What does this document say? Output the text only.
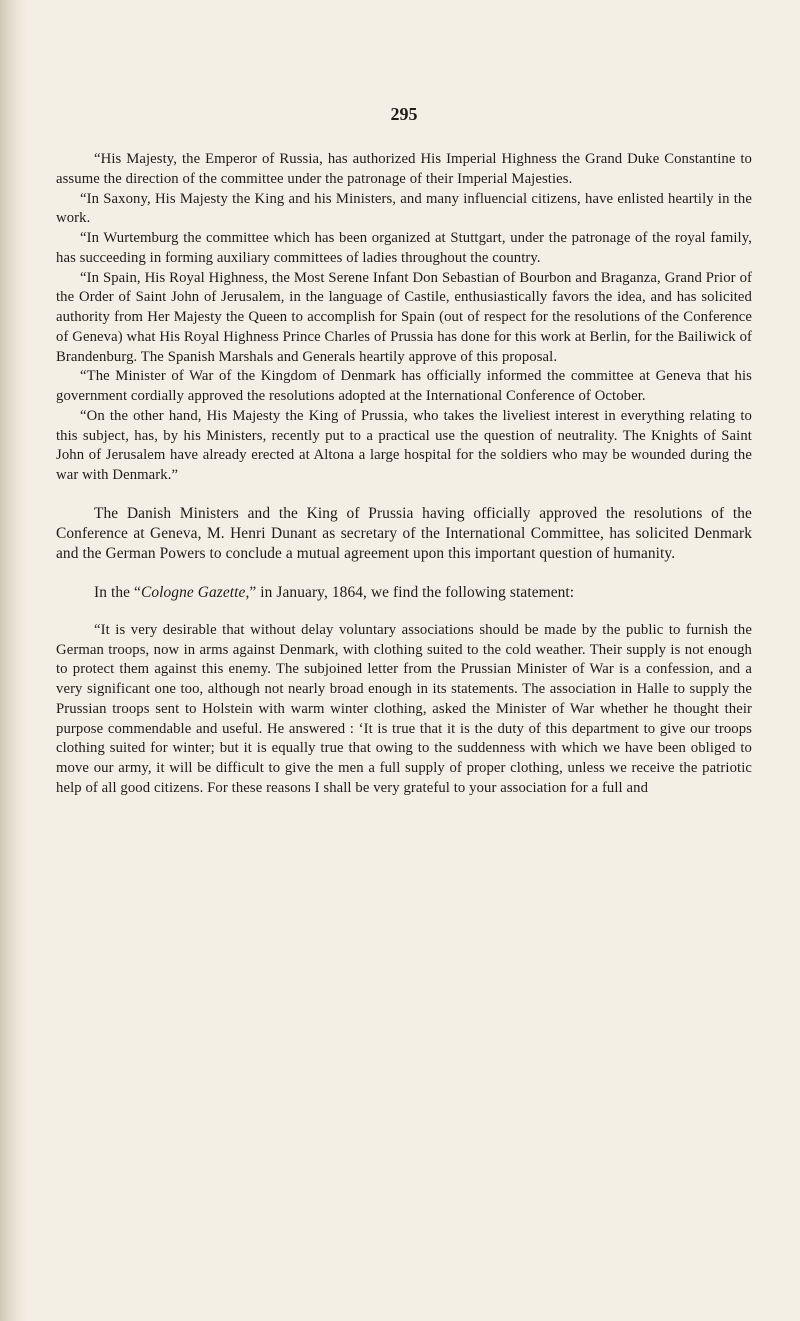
295

“His Majesty, the Emperor of Russia, has authorized His Imperial Highness the Grand Duke Constantine to assume the direction of the committee under the patronage of their Imperial Majesties.

“In Saxony, His Majesty the King and his Ministers, and many influencial citizens, have enlisted heartily in the work.

“In Wurtemburg the committee which has been organized at Stuttgart, under the patronage of the royal family, has succeeding in forming auxiliary committees of ladies throughout the country.

“In Spain, His Royal Highness, the Most Serene Infant Don Sebastian of Bourbon and Braganza, Grand Prior of the Order of Saint John of Jerusalem, in the language of Castile, enthusiastically favors the idea, and has solicited authority from Her Majesty the Queen to accomplish for Spain (out of respect for the resolutions of the Conference of Geneva) what His Royal Highness Prince Charles of Prussia has done for this work at Berlin, for the Bailiwick of Brandenburg. The Spanish Marshals and Generals heartily approve of this proposal.

“The Minister of War of the Kingdom of Denmark has officially informed the committee at Geneva that his government cordially approved the resolutions adopted at the International Conference of October.

“On the other hand, His Majesty the King of Prussia, who takes the liveliest interest in everything relating to this subject, has, by his Ministers, recently put to a practical use the question of neutrality. The Knights of Saint John of Jerusalem have already erected at Altona a large hospital for the soldiers who may be wounded during the war with Denmark.”

The Danish Ministers and the King of Prussia having officially approved the resolutions of the Conference at Geneva, M. Henri Dunant as secretary of the International Committee, has solicited Denmark and the German Powers to conclude a mutual agreement upon this important question of humanity.

In the “Cologne Gazette,” in January, 1864, we find the following statement:

“It is very desirable that without delay voluntary associations should be made by the public to furnish the German troops, now in arms against Denmark, with clothing suited to the cold weather. Their supply is not enough to protect them against this enemy. The subjoined letter from the Prussian Minister of War is a confession, and a very significant one too, although not nearly broad enough in its statements. The association in Halle to supply the Prussian troops sent to Holstein with warm winter clothing, asked the Minister of War whether he thought their purpose commendable and useful. He answered : ‘It is true that it is the duty of this department to give our troops clothing suited for winter; but it is equally true that owing to the suddenness with which we have been obliged to move our army, it will be difficult to give the men a full supply of proper clothing, unless we receive the patriotic help of all good citizens. For these reasons I shall be very grateful to your association for a full and
